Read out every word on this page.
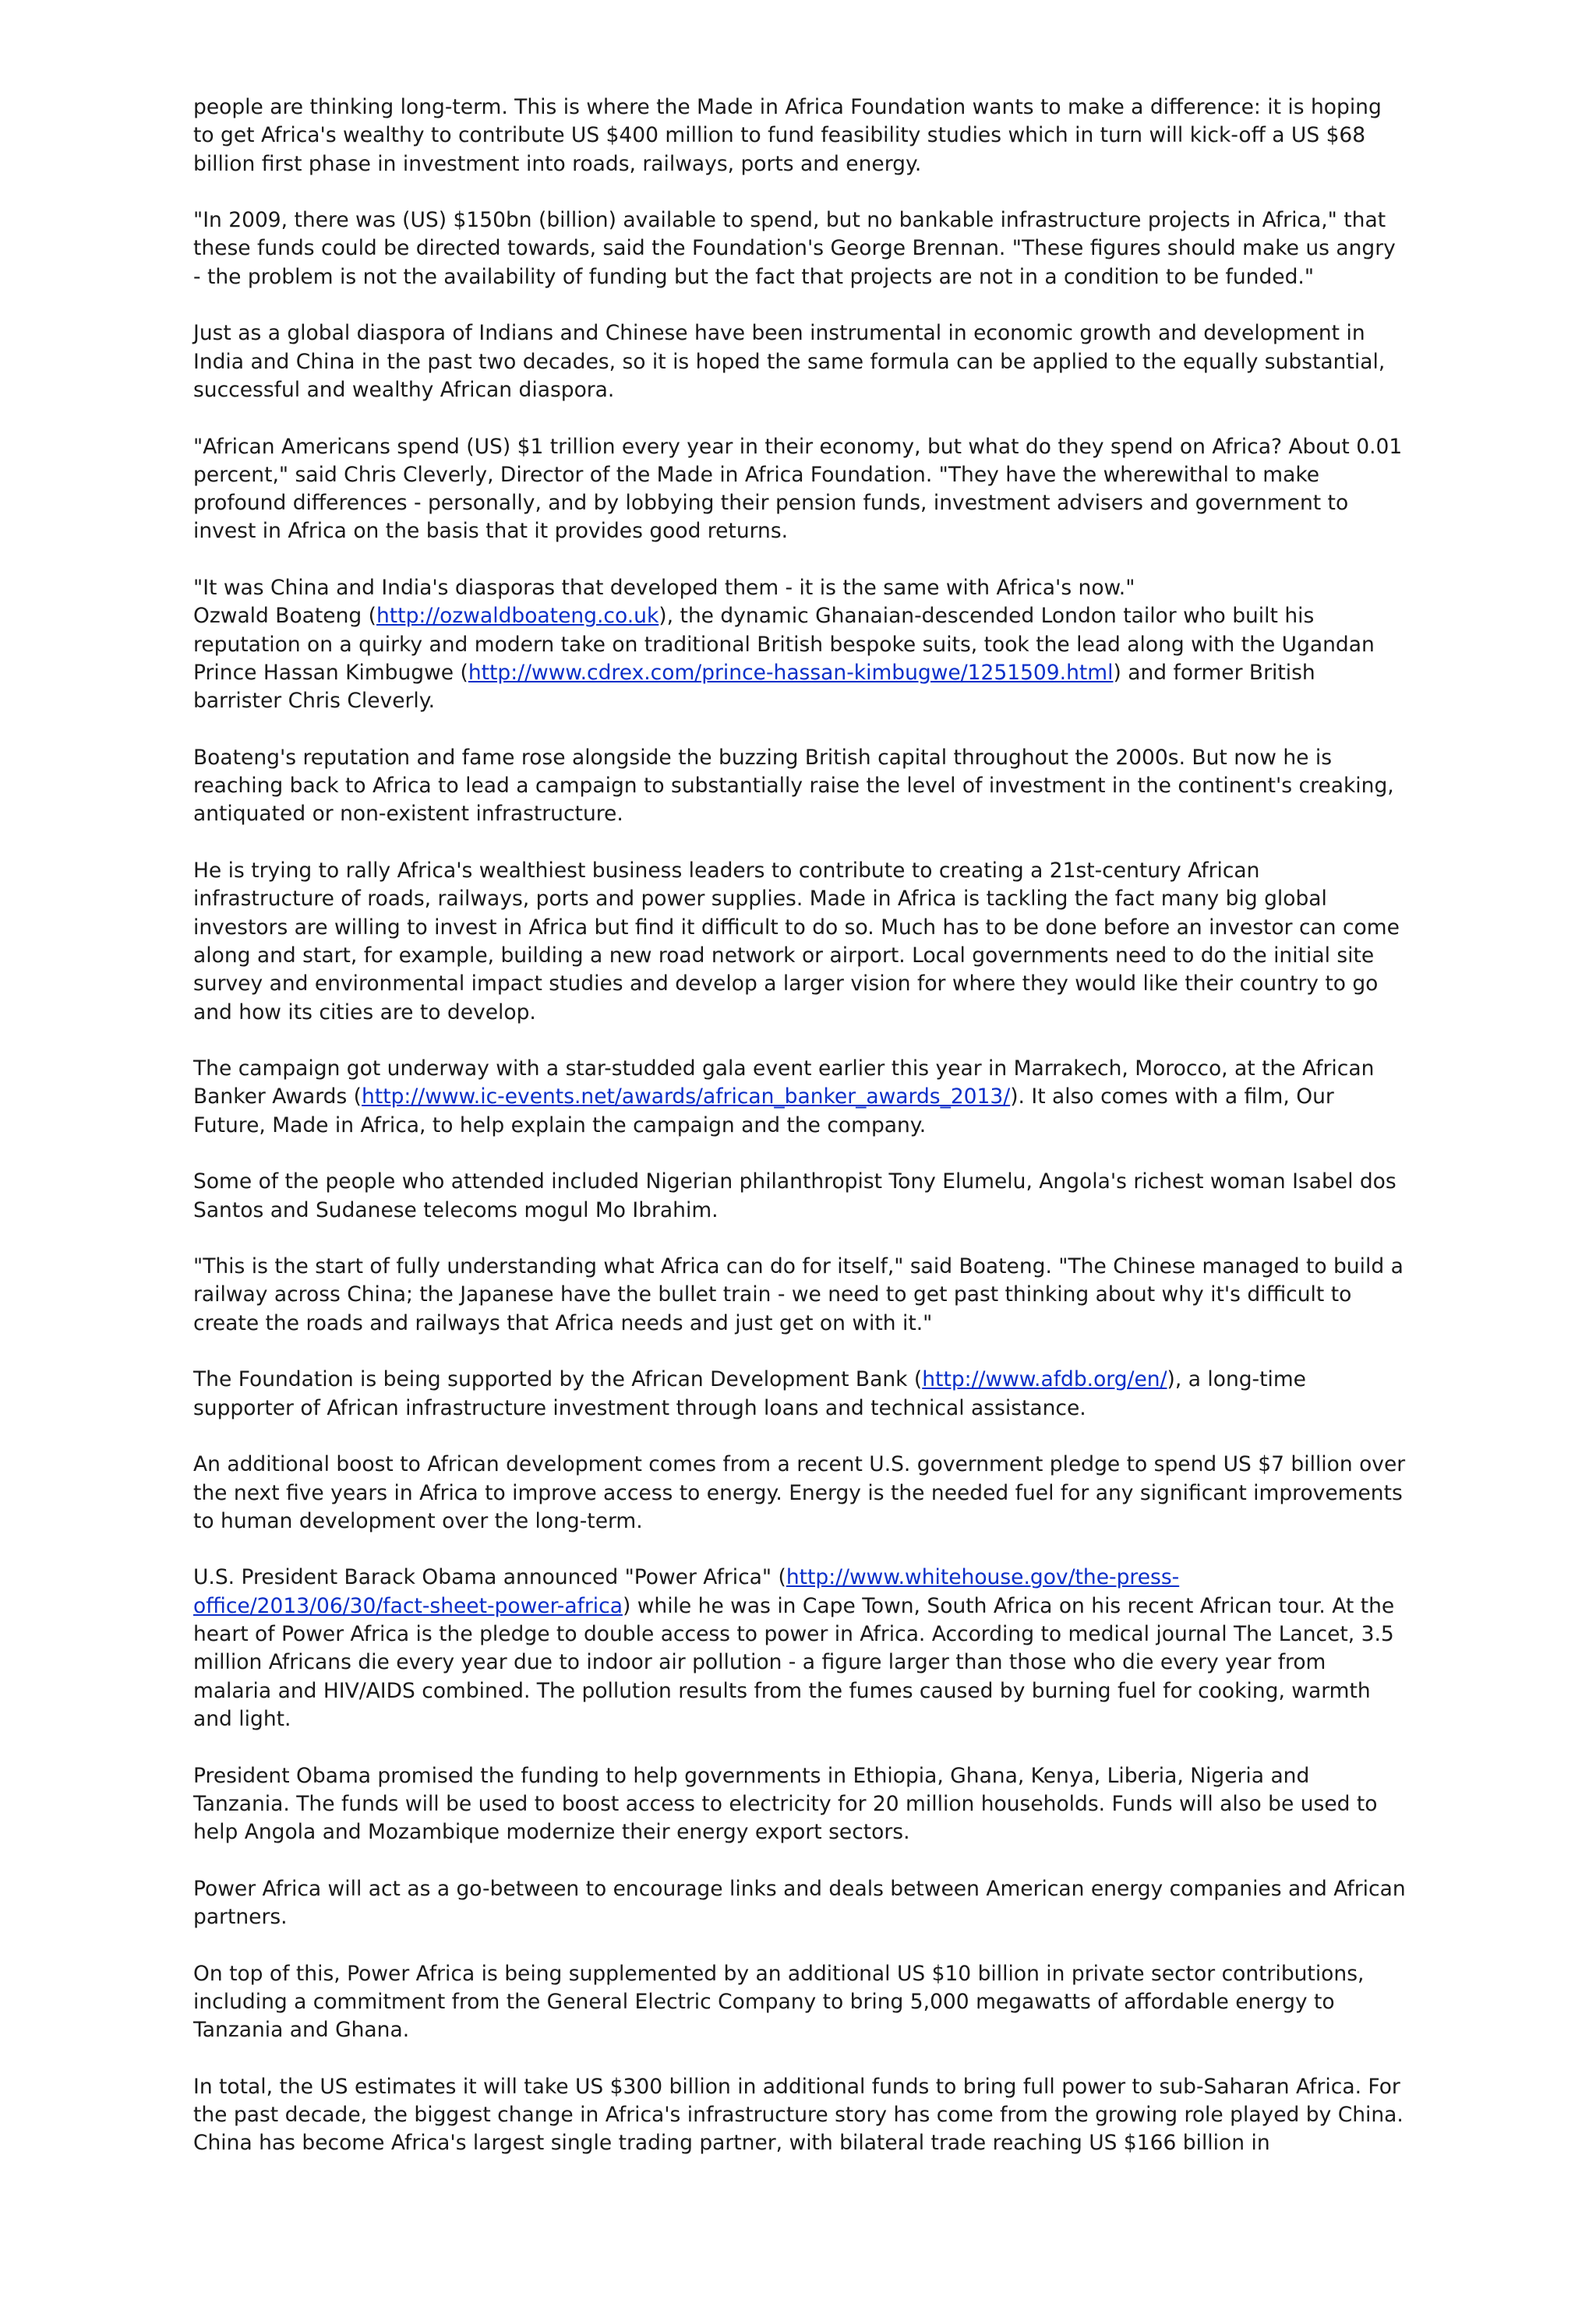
people are thinking long-term. This is where the Made in Africa Foundation wants to make a difference: it is hoping to get Africa's wealthy to contribute US $400 million to fund feasibility studies which in turn will kick-off a US $68 billion first phase in investment into roads, railways, ports and energy.

"In 2009, there was (US) $150bn (billion) available to spend, but no bankable infrastructure projects in Africa," that these funds could be directed towards, said the Foundation's George Brennan. "These figures should make us angry - the problem is not the availability of funding but the fact that projects are not in a condition to be funded."

Just as a global diaspora of Indians and Chinese have been instrumental in economic growth and development in India and China in the past two decades, so it is hoped the same formula can be applied to the equally substantial, successful and wealthy African diaspora.

"African Americans spend (US) $1 trillion every year in their economy, but what do they spend on Africa? About 0.01 percent," said Chris Cleverly, Director of the Made in Africa Foundation. "They have the wherewithal to make profound differences - personally, and by lobbying their pension funds, investment advisers and government to invest in Africa on the basis that it provides good returns.

"It was China and India's diasporas that developed them - it is the same with Africa's now."
Ozwald Boateng (http://ozwaldboateng.co.uk), the dynamic Ghanaian-descended London tailor who built his reputation on a quirky and modern take on traditional British bespoke suits, took the lead along with the Ugandan Prince Hassan Kimbugwe (http://www.cdrex.com/prince-hassan-kimbugwe/1251509.html) and former British barrister Chris Cleverly.

Boateng's reputation and fame rose alongside the buzzing British capital throughout the 2000s. But now he is reaching back to Africa to lead a campaign to substantially raise the level of investment in the continent's creaking, antiquated or non-existent infrastructure.

He is trying to rally Africa's wealthiest business leaders to contribute to creating a 21st-century African infrastructure of roads, railways, ports and power supplies. Made in Africa is tackling the fact many big global investors are willing to invest in Africa but find it difficult to do so. Much has to be done before an investor can come along and start, for example, building a new road network or airport. Local governments need to do the initial site survey and environmental impact studies and develop a larger vision for where they would like their country to go and how its cities are to develop.

The campaign got underway with a star-studded gala event earlier this year in Marrakech, Morocco, at the African Banker Awards (http://www.ic-events.net/awards/african_banker_awards_2013/). It also comes with a film, Our Future, Made in Africa, to help explain the campaign and the company.

Some of the people who attended included Nigerian philanthropist Tony Elumelu, Angola's richest woman Isabel dos Santos and Sudanese telecoms mogul Mo Ibrahim.

"This is the start of fully understanding what Africa can do for itself," said Boateng. "The Chinese managed to build a railway across China; the Japanese have the bullet train - we need to get past thinking about why it's difficult to create the roads and railways that Africa needs and just get on with it."

The Foundation is being supported by the African Development Bank (http://www.afdb.org/en/), a long-time supporter of African infrastructure investment through loans and technical assistance.

An additional boost to African development comes from a recent U.S. government pledge to spend US $7 billion over the next five years in Africa to improve access to energy. Energy is the needed fuel for any significant improvements to human development over the long-term.

U.S. President Barack Obama announced "Power Africa" (http://www.whitehouse.gov/the-press-office/2013/06/30/fact-sheet-power-africa) while he was in Cape Town, South Africa on his recent African tour. At the heart of Power Africa is the pledge to double access to power in Africa. According to medical journal The Lancet, 3.5 million Africans die every year due to indoor air pollution - a figure larger than those who die every year from malaria and HIV/AIDS combined. The pollution results from the fumes caused by burning fuel for cooking, warmth and light.

President Obama promised the funding to help governments in Ethiopia, Ghana, Kenya, Liberia, Nigeria and Tanzania. The funds will be used to boost access to electricity for 20 million households. Funds will also be used to help Angola and Mozambique modernize their energy export sectors.

Power Africa will act as a go-between to encourage links and deals between American energy companies and African partners.

On top of this, Power Africa is being supplemented by an additional US $10 billion in private sector contributions, including a commitment from the General Electric Company to bring 5,000 megawatts of affordable energy to Tanzania and Ghana.

In total, the US estimates it will take US $300 billion in additional funds to bring full power to sub-Saharan Africa. For the past decade, the biggest change in Africa's infrastructure story has come from the growing role played by China. China has become Africa's largest single trading partner, with bilateral trade reaching US $166 billion in
